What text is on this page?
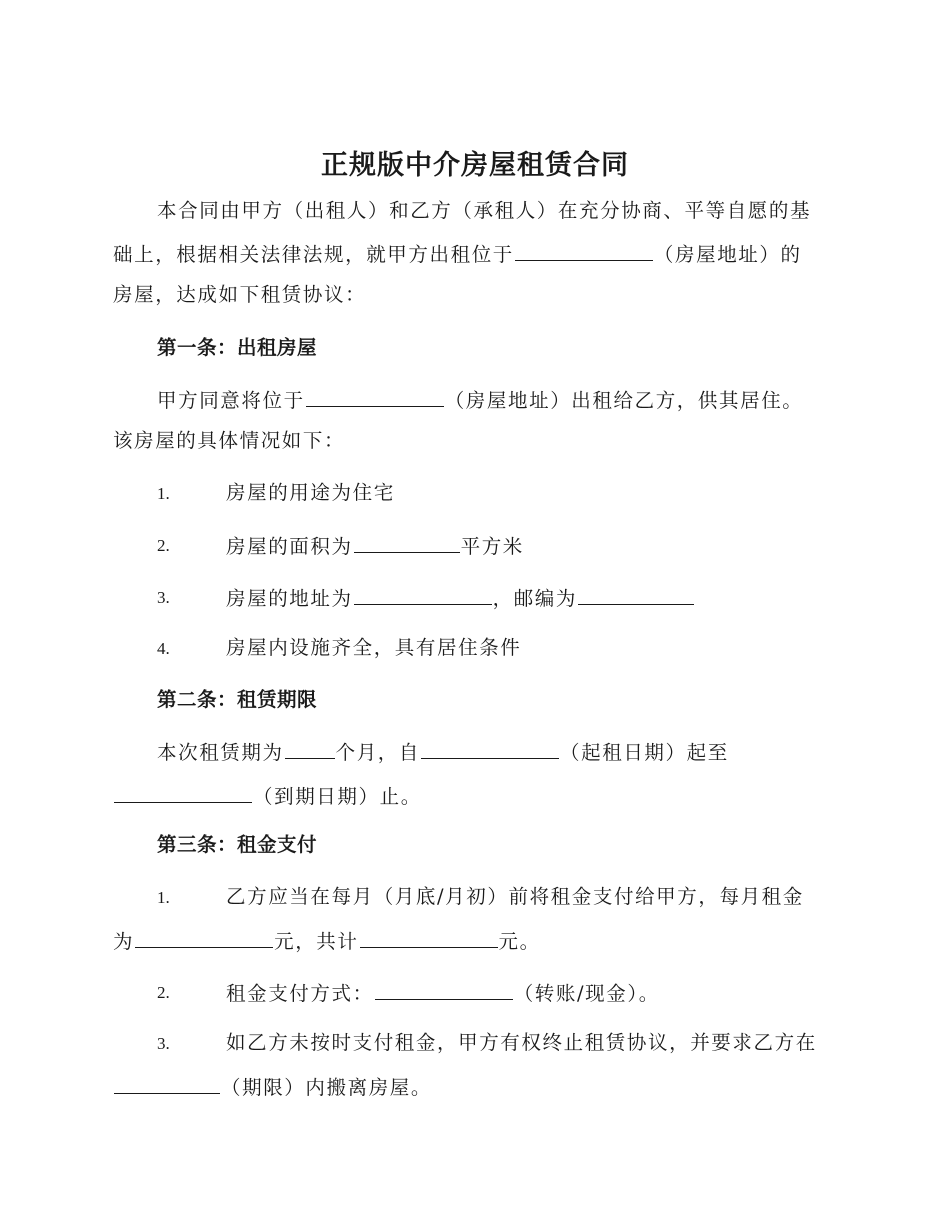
正规版中介房屋租赁合同
本合同由甲方（出租人）和乙方（承租人）在充分协商、平等自愿的基
础上，根据相关法律法规，就甲方出租位于	（房屋地址）的
房屋，达成如下租赁协议：
第一条：出租房屋
甲方同意将位于	（房屋地址）出租给乙方，供其居住。
该房屋的具体情况如下：
1.	房屋的用途为住宅
2.	房屋的面积为	平方米
3.	房屋的地址为	，邮编为
4.	房屋内设施齐全，具有居住条件
第二条：租赁期限
本次租赁期为	个月，自	（起租日期）起至
（到期日期）止。
第三条：租金支付
1.	乙方应当在每月（月底/月初）前将租金支付给甲方，每月租金
为	元，共计	元。
2.	租金支付方式：	（转账/现金）。
3.	如乙方未按时支付租金，甲方有权终止租赁协议，并要求乙方在
（期限）内搬离房屋。
